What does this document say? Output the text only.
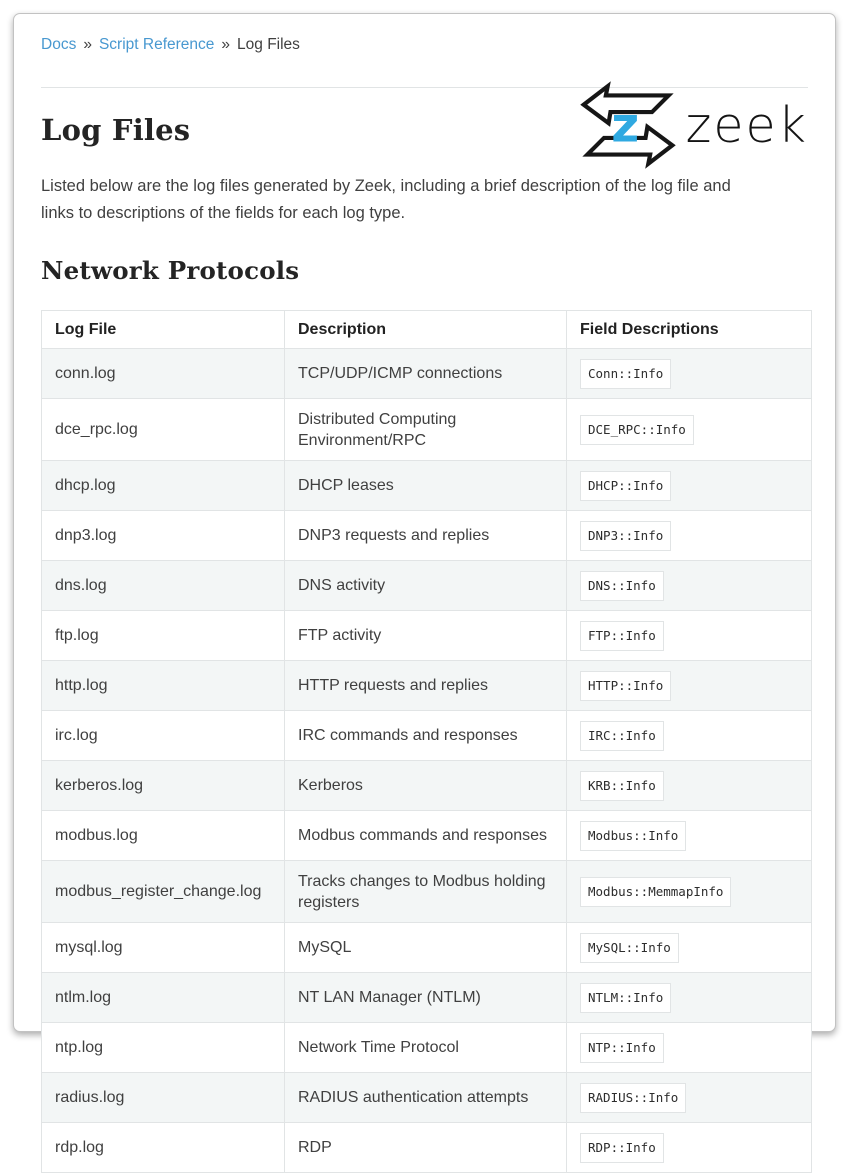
Docs » Script Reference » Log Files
Log Files	z zeek

Listed below are the log files generated by Zeek, including a brief description of the log file and
links to descriptions of the fields for each log type.

Network Protocols
Log File	Description	Field Descriptions
conn.log	TCP/UDP/ICMP connections	Conn::Info
dce_rpc.log	Distributed Computing Environment/RPC	DCE_RPC::Info
dhcp.log	DHCP leases	DHCP::Info
dnp3.log	DNP3 requests and replies	DNP3::Info
dns.log	DNS activity	DNS::Info
ftp.log	FTP activity	FTP::Info
http.log	HTTP requests and replies	HTTP::Info
irc.log	IRC commands and responses	IRC::Info
kerberos.log	Kerberos	KRB::Info
modbus.log	Modbus commands and responses	Modbus::Info
modbus_register_change.log	Tracks changes to Modbus holding registers	Modbus::MemmapInfo
mysql.log	MySQL	MySQL::Info
ntlm.log	NT LAN Manager (NTLM)	NTLM::Info
ntp.log	Network Time Protocol	NTP::Info
radius.log	RADIUS authentication attempts	RADIUS::Info
rdp.log	RDP	RDP::Info
